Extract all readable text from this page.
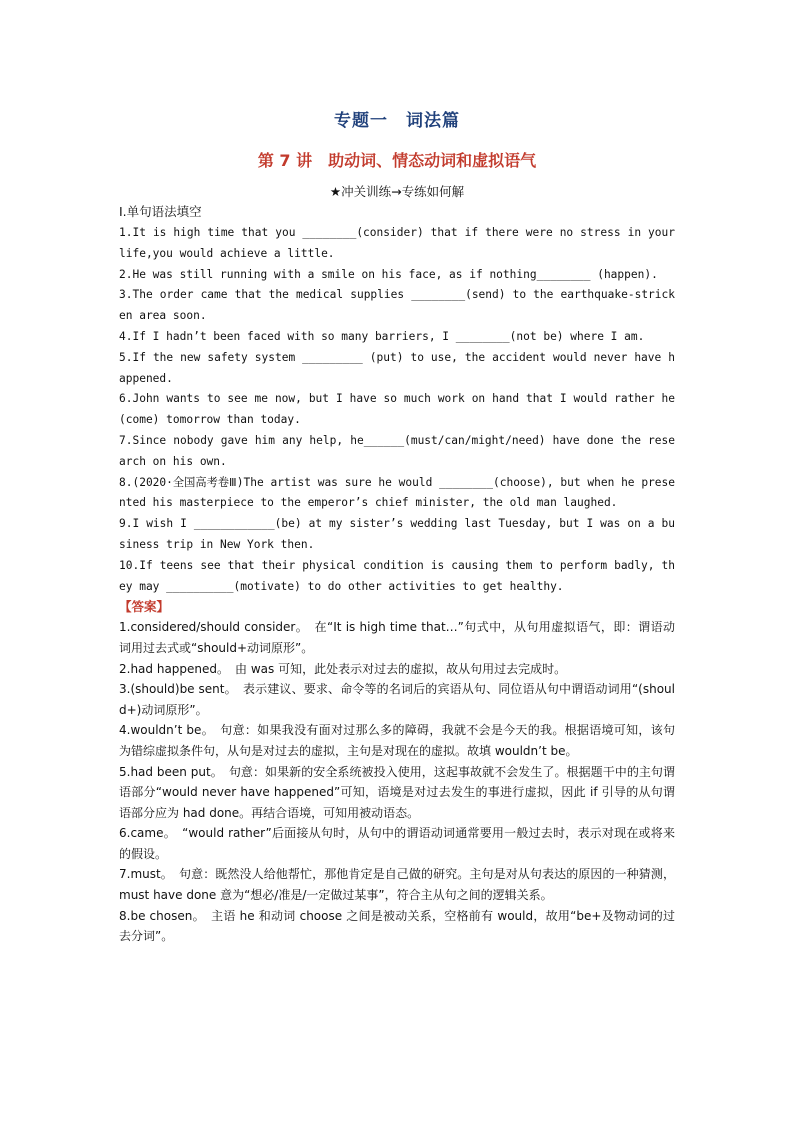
专题一　词法篇
第 7 讲　助动词、情态动词和虚拟语气
★冲关训练→专练如何解
Ⅰ.单句语法填空
1.It is high time that you ________(consider) that if there were no stress in your life,you would achieve a little.
2.He was still running with a smile on his face, as if nothing________ (happen).
3.The order came that the medical supplies ________(send) to the earthquake-stricken area soon.
4.If I hadn’t been faced with so many barriers, I ________(not be) where I am.
5.If the new safety system _________ (put) to use, the accident would never have happened.
6.John wants to see me now, but I have so much work on hand that I would rather he (come) tomorrow than today.
7.Since nobody gave him any help, he______(must/can/might/need) have done the research on his own.
8.(2020·全国高考卷Ⅲ)The artist was sure he would ________(choose), but when he presented his masterpiece to the emperor’s chief minister, the old man laughed.
9.I wish I ____________(be) at my sister’s wedding last Tuesday, but I was on a business trip in New York then.
10.If teens see that their physical condition is causing them to perform badly, they may __________(motivate) to do other activities to get healthy.
【答案】
1.considered/should consider。　在“It is high time that…”句式中，从句用虚拟语气，即：谓语动词用过去式或“should+动词原形”。
2.had happened。　由 was 可知，此处表示对过去的虚拟，故从句用过去完成时。
3.(should)be sent。　表示建议、要求、命令等的名词后的宾语从句、同位语从句中谓语动词用“(should+)动词原形”。
4.wouldn’t be。　句意：如果我没有面对过那么多的障碍，我就不会是今天的我。根据语境可知，该句为错综虚拟条件句，从句是对过去的虚拟，主句是对现在的虚拟。故填 wouldn’t be。
5.had been put。　句意：如果新的安全系统被投入使用，这起事故就不会发生了。根据题干中的主句谓语部分“would never have happened”可知，语境是对过去发生的事进行虚拟，因此 if 引导的从句谓语部分应为 had done。再结合语境，可知用被动语态。
6.came。　“would rather”后面接从句时，从句中的谓语动词通常要用一般过去时，表示对现在或将来的假设。
7.must。　句意：既然没人给他帮忙，那他肯定是自己做的研究。主句是对从句表达的原因的一种猜测，must have done 意为“想必/准是/一定做过某事”，符合主从句之间的逻辑关系。
8.be chosen。　主语 he 和动词 choose 之间是被动关系，空格前有 would，故用“be+及物动词的过去分词”。
